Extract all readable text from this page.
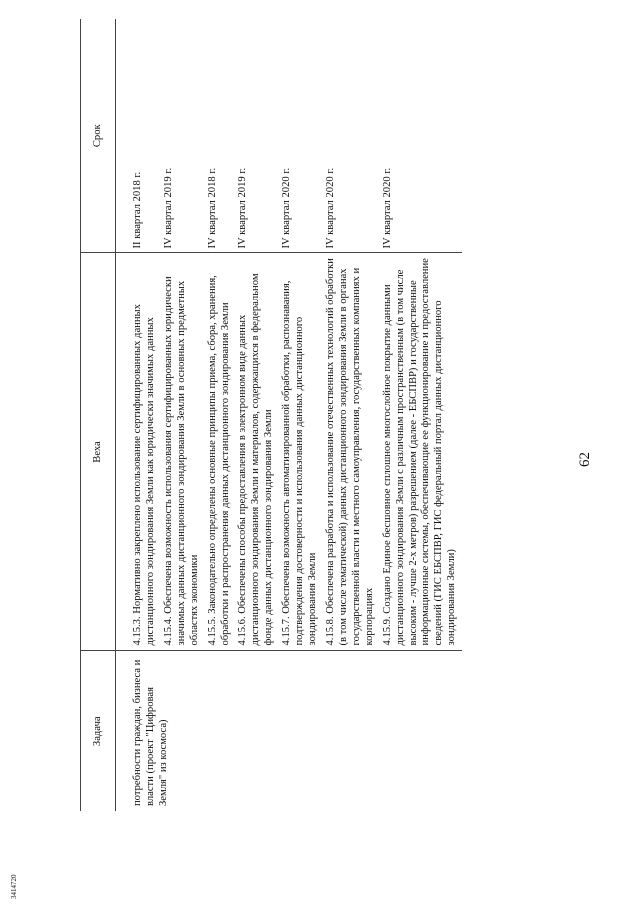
62
Задача	Веха	Срок
потребности граждан, бизнеса и власти (проект "Цифровая Земля" из космоса)	4.15.3. Нормативно закреплено использование сертифицированных данных дистанционного зондирования Земли как юридически значимых данных	II квартал 2018 г.
	4.15.4. Обеспечена возможность использования сертифицированных юридически значимых данных дистанционного зондирования Земли в основных предметных областях экономики	IV квартал 2019 г.
	4.15.5. Законодательно определены основные принципы приема, сбора, хранения, обработки и распространения данных дистанционного зондирования Земли	IV квартал 2018 г.
	4.15.6. Обеспечены способы предоставления в электронном виде данных дистанционного зондирования Земли и материалов, содержащихся в федеральном фонде данных дистанционного зондирования Земли	IV квартал 2019 г.
	4.15.7. Обеспечена возможность автоматизированной обработки, распознавания, подтверждения достоверности и использования данных дистанционного зондирования Земли	IV квартал 2020 г.
	4.15.8. Обеспечена разработка и использование отечественных технологий обработки (в том числе тематической) данных дистанционного зондирования Земли в органах государственной власти и местного самоуправления, государственных компаниях и корпорациях	IV квартал 2020 г.
	4.15.9. Создано Единое бесшовное сплошное многослойное покрытие данными дистанционного зондирования Земли с различным пространственным (в том числе высоким - лучше 2-х метров) разрешением (далее - ЕБСПВР) и государственные информационные системы, обеспечивающие ее функционирование и предоставление сведений (ГИС ЕБСПВР, ГИС федеральный портал данных дистанционного зондирования Земли)	IV квартал 2020 г.
3414720
